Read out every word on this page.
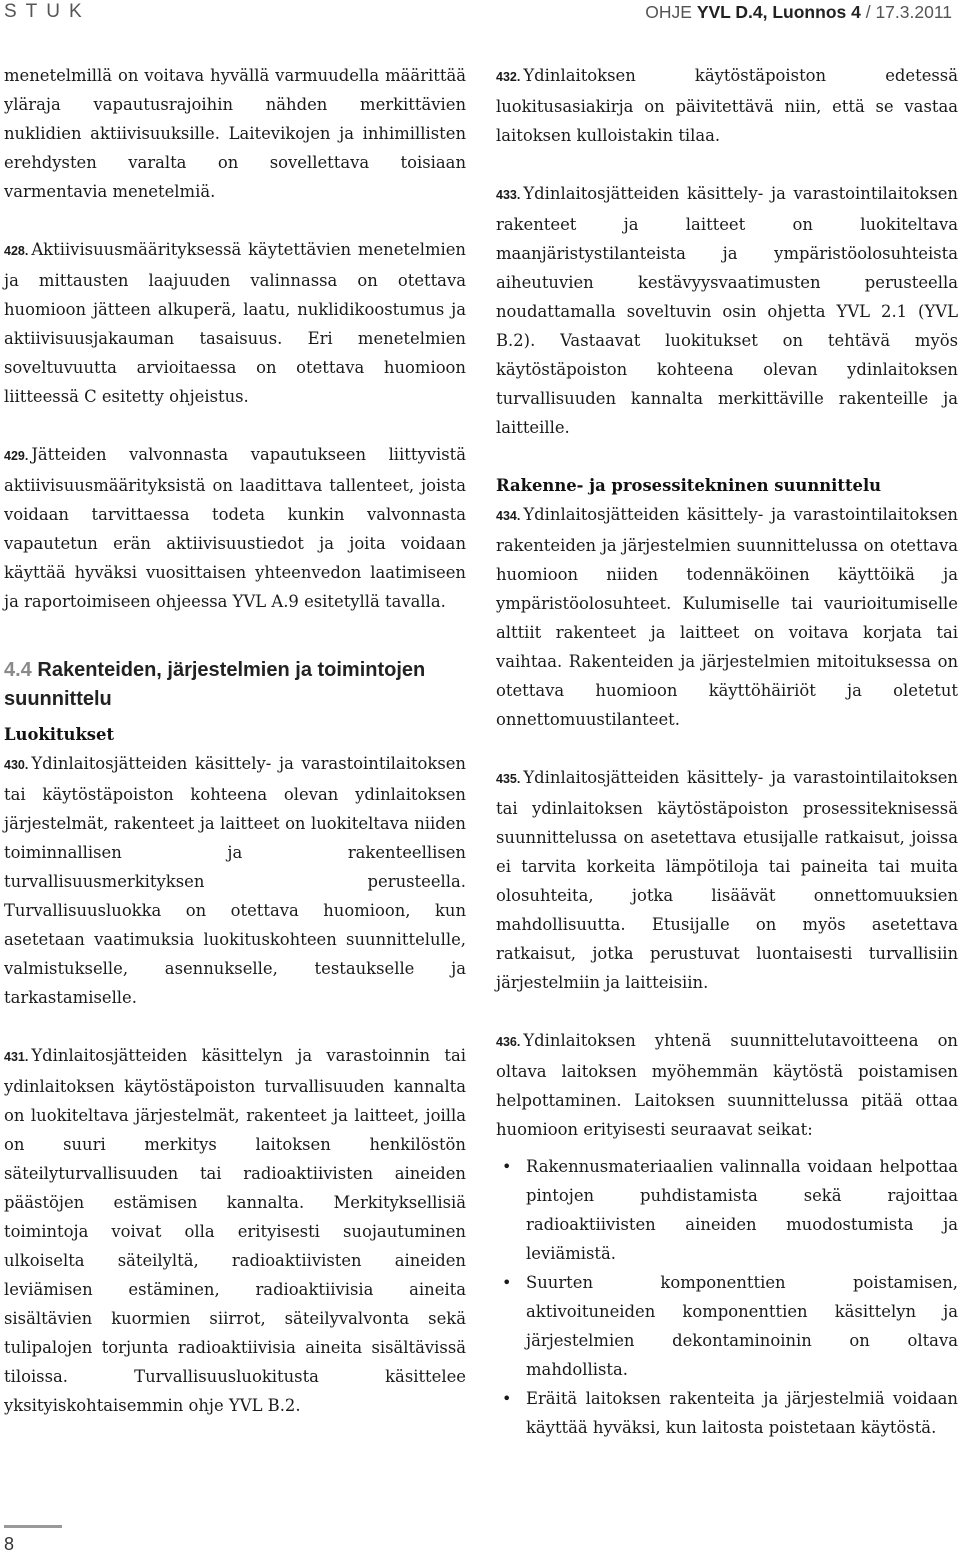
STUK	OHJE YVL D.4, Luonnos 4 / 17.3.2011

menetelmillä on voitava hyvällä varmuudella määrittää yläraja vapautusrajoihin nähden merkittävien nuklidien aktiivisuuksille. Laitevikojen ja inhimillisten erehdysten varalta on sovellettava toisiaan varmentavia menetelmiä.

428. Aktiivisuusmäärityksessä käytettävien menetelmien ja mittausten laajuuden valinnassa on otettava huomioon jätteen alkuperä, laatu, nuklidikoostumus ja aktiivisuusjakauman tasaisuus. Eri menetelmien soveltuvuutta arvioitaessa on otettava huomioon liitteessä C esitetty ohjeistus.

429. Jätteiden valvonnasta vapautukseen liittyvistä aktiivisuusmäärityksistä on laadittava tallenteet, joista voidaan tarvittaessa todeta kunkin valvonnasta vapautetun erän aktiivisuustiedot ja joita voidaan käyttää hyväksi vuosittaisen yhteenvedon laatimiseen ja raportoimiseen ohjeessa YVL A.9 esitetyllä tavalla.

4.4 Rakenteiden, järjestelmien ja toimintojen suunnittelu
Luokitukset

430. Ydinlaitosjätteiden käsittely- ja varastointilaitoksen tai käytöstäpoiston kohteena olevan ydinlaitoksen järjestelmät, rakenteet ja laitteet on luokiteltava niiden toiminnallisen ja rakenteellisen turvallisuusmerkityksen perusteella. Turvallisuusluokka on otettava huomioon, kun asetetaan vaatimuksia luokituskohteen suunnittelulle, valmistukselle, asennukselle, testaukselle ja tarkastamiselle.

431. Ydinlaitosjätteiden käsittelyn ja varastoinnin tai ydinlaitoksen käytöstäpoiston turvallisuuden kannalta on luokiteltava järjestelmät, rakenteet ja laitteet, joilla on suuri merkitys laitoksen henkilöstön säteilyturvallisuuden tai radioaktiivisten aineiden päästöjen estämisen kannalta. Merkityksellisiä toimintoja voivat olla erityisesti suojautuminen ulkoiselta säteilyltä, radioaktiivisten aineiden leviämisen estäminen, radioaktiivisia aineita sisältävien kuormien siirrot, säteilyvalvonta sekä tulipalojen torjunta radioaktiivisia aineita sisältävissä tiloissa. Turvallisuusluokitusta käsittelee yksityiskohtaisemmin ohje YVL B.2.

432. Ydinlaitoksen käytöstäpoiston edetessä luokitusasiakirja on päivitettävä niin, että se vastaa laitoksen kulloistakin tilaa.

433. Ydinlaitosjätteiden käsittely- ja varastointilaitoksen rakenteet ja laitteet on luokiteltava maanjäristystilanteista ja ympäristöolosuhteista aiheutuvien kestävyysvaatimusten perusteella noudattamalla soveltuvin osin ohjetta YVL 2.1 (YVL B.2). Vastaavat luokitukset on tehtävä myös käytöstäpoiston kohteena olevan ydinlaitoksen turvallisuuden kannalta merkittäville rakenteille ja laitteille.

Rakenne- ja prosessitekninen suunnittelu

434. Ydinlaitosjätteiden käsittely- ja varastointilaitoksen rakenteiden ja järjestelmien suunnittelussa on otettava huomioon niiden todennäköinen käyttöikä ja ympäristöolosuhteet. Kulumiselle tai vaurioitumiselle alttiit rakenteet ja laitteet on voitava korjata tai vaihtaa. Rakenteiden ja järjestelmien mitoituksessa on otettava huomioon käyttöhäiriöt ja oletetut onnettomuustilanteet.

435. Ydinlaitosjätteiden käsittely- ja varastointilaitoksen tai ydinlaitoksen käytöstäpoiston prosessiteknisessä suunnittelussa on asetettava etusijalle ratkaisut, joissa ei tarvita korkeita lämpötiloja tai paineita tai muita olosuhteita, jotka lisäävät onnettomuuksien mahdollisuutta. Etusijalle on myös asetettava ratkaisut, jotka perustuvat luontaisesti turvallisiin järjestelmiin ja laitteisiin.

436. Ydinlaitoksen yhtenä suunnittelutavoitteena on oltava laitoksen myöhemmän käytöstä poistamisen helpottaminen. Laitoksen suunnittelussa pitää ottaa huomioon erityisesti seuraavat seikat:

• Rakennusmateriaalien valinnalla voidaan helpottaa pintojen puhdistamista sekä rajoittaa radioaktiivisten aineiden muodostumista ja leviämistä.
• Suurten komponenttien poistamisen, aktivoituneiden komponenttien käsittelyn ja järjestelmien dekontaminoinin on oltava mahdollista.
• Eräitä laitoksen rakenteita ja järjestelmiä voidaan käyttää hyväksi, kun laitosta poistetaan käytöstä.
8
